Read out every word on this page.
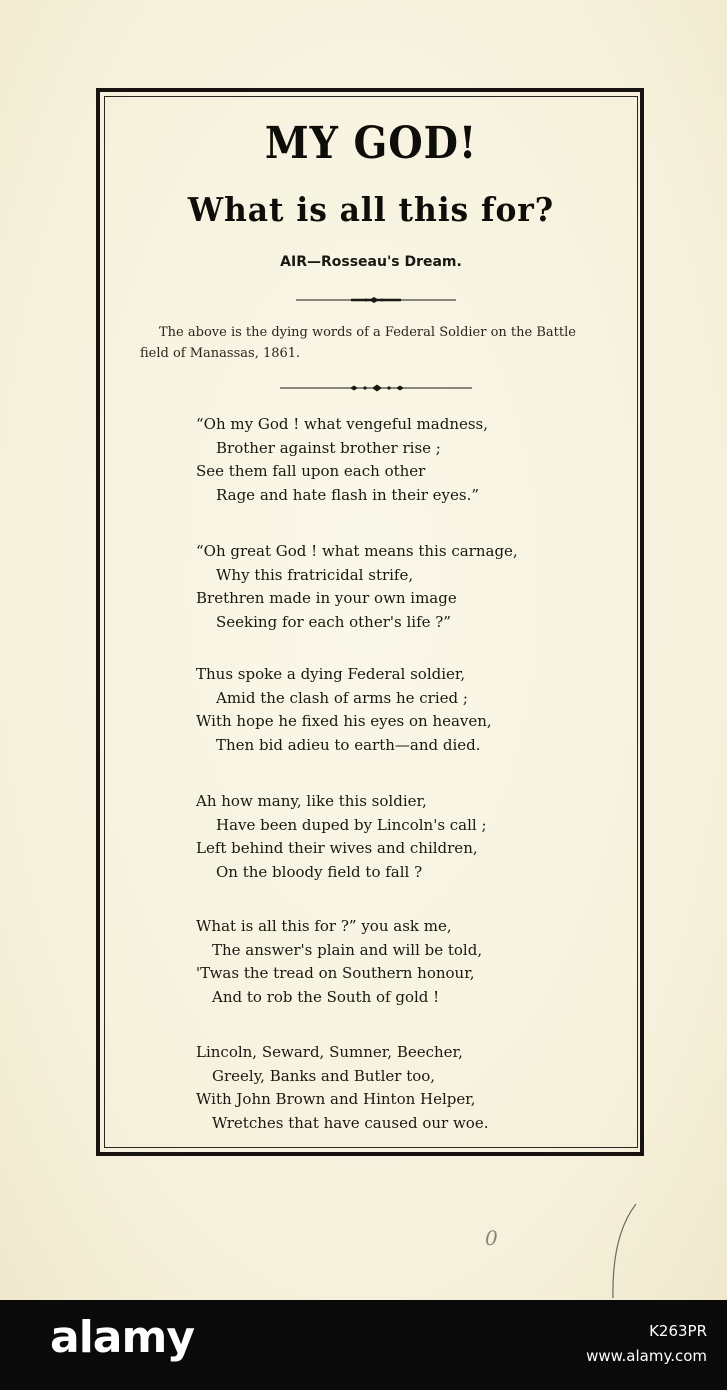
MY GOD!
What is all this for?
AIR—Rosseau's Dream.
The above is the dying words of a Federal Soldier on the Battle
field of Manassas, 1861.
“Oh my God ! what vengeful madness,
Brother against brother rise ;
See them fall upon each other
Rage and hate flash in their eyes.”
“Oh great God ! what means this carnage,
Why this fratricidal strife,
Brethren made in your own image
Seeking for each other's life ?”
Thus spoke a dying Federal soldier,
Amid the clash of arms he cried ;
With hope he fixed his eyes on heaven,
Then bid adieu to earth—and died.
Ah how many, like this soldier,
Have been duped by Lincoln's call ;
Left behind their wives and children,
On the bloody field to fall ?
What is all this for ?” you ask me,
The answer's plain and will be told,
'Twas the tread on Southern honour,
And to rob the South of gold !
Lincoln, Seward, Sumner, Beecher,
Greely, Banks and Butler too,
With John Brown and Hinton Helper,
Wretches that have caused our woe.
0
alamy	K263PR
www.alamy.com
